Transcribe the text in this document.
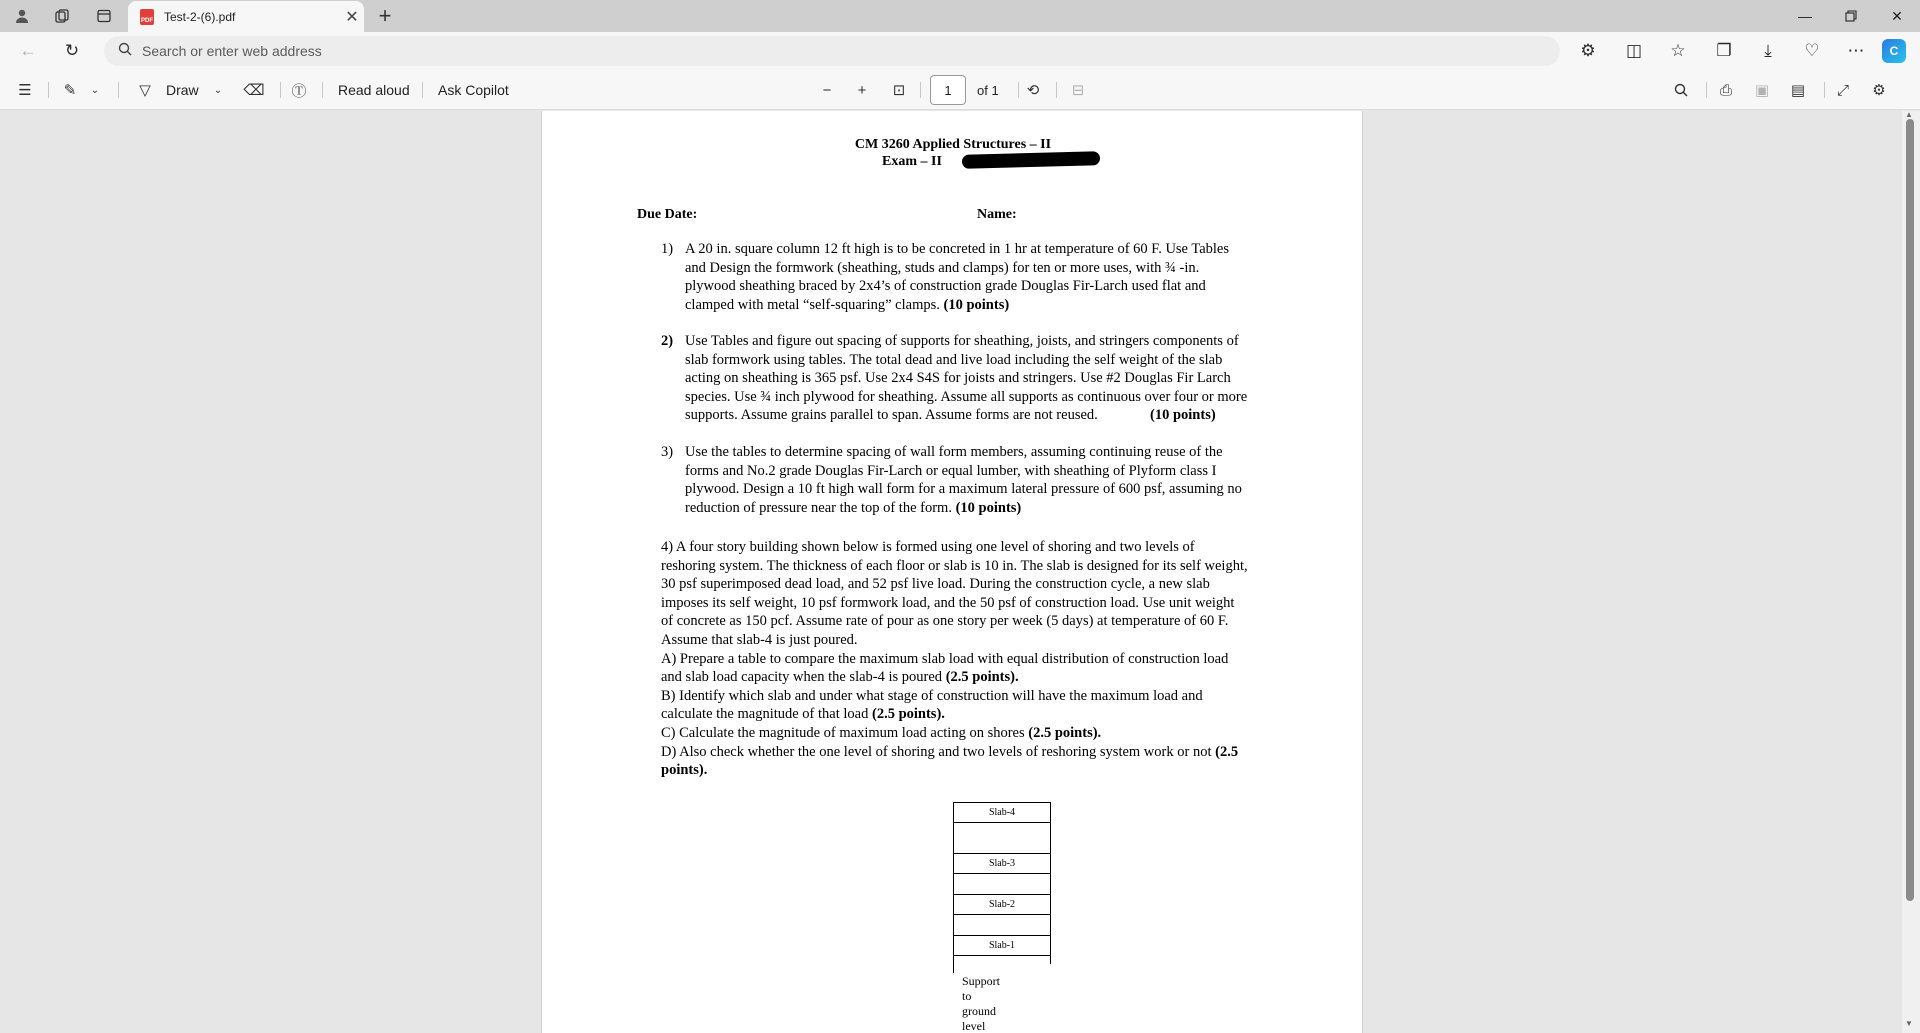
PDF Test-2-(6).pdf	✕ +	—	✕
←	↻
Search or enter web address	⚙	◫	☆	❐	⤓	♡	⋯	C
☰	✎	⌄	▽	Draw	⌄	⌫	Ⓣ	Read aloud Ask Copilot	−	+	⊡
1	of 1	⟲	⊟	⎙	▣	▤	⤢	⚙
CM 3260 Applied Structures – II
Exam – II
Due Date:	Name:
1) A 20 in. square column 12 ft high is to be concreted in 1 hr at temperature of 60 F. Use Tables
and Design the formwork (sheathing, studs and clamps) for ten or more uses, with ¾ -in.
plywood sheathing braced by 2x4’s of construction grade Douglas Fir-Larch used flat and
clamped with metal “self-squaring” clamps. (10 points)
2) Use Tables and figure out spacing of supports for sheathing, joists, and stringers components of
slab formwork using tables. The total dead and live load including the self weight of the slab
acting on sheathing is 365 psf. Use 2x4 S4S for joists and stringers. Use #2 Douglas Fir Larch
species. Use ¾ inch plywood for sheathing. Assume all supports as continuous over four or more
supports. Assume grains parallel to span. Assume forms are not reused.	(10 points)
3) Use the tables to determine spacing of wall form members, assuming continuing reuse of the
forms and No.2 grade Douglas Fir-Larch or equal lumber, with sheathing of Plyform class I
plywood. Design a 10 ft high wall form for a maximum lateral pressure of 600 psf, assuming no
reduction of pressure near the top of the form. (10 points)
4) A four story building shown below is formed using one level of shoring and two levels of
reshoring system. The thickness of each floor or slab is 10 in. The slab is designed for its self weight,
30 psf superimposed dead load, and 52 psf live load. During the construction cycle, a new slab
imposes its self weight, 10 psf formwork load, and the 50 psf of construction load. Use unit weight
of concrete as 150 pcf. Assume rate of pour as one story per week (5 days) at temperature of 60 F.
Assume that slab-4 is just poured.
A) Prepare a table to compare the maximum slab load with equal distribution of construction load
and slab load capacity when the slab-4 is poured (2.5 points).
B) Identify which slab and under what stage of construction will have the maximum load and
calculate the magnitude of that load (2.5 points).
C) Calculate the magnitude of maximum load acting on shores (2.5 points).
D) Also check whether the one level of shoring and two levels of reshoring system work or not (2.5
points).
Slab-4
Slab-3
Slab-2
Slab-1
Support to
ground level
▲
▼
